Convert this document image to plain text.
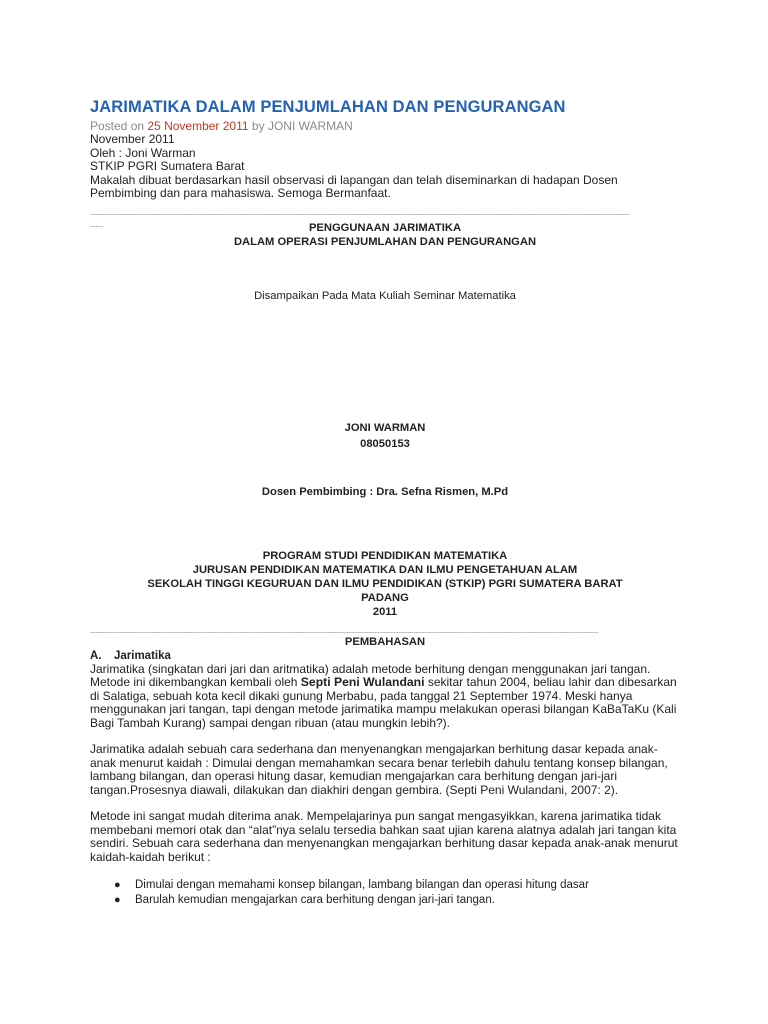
JARIMATIKA DALAM PENJUMLAHAN DAN PENGURANGAN
Posted on 25 November 2011 by JONI WARMAN
November 2011
Oleh : Joni Warman
STKIP PGRI Sumatera Barat
Makalah dibuat berdasarkan hasil observasi di lapangan dan telah diseminarkan di hadapan Dosen Pembimbing dan para mahasiswa. Semoga Bermanfaat.
______________________________________________________________________________________
__	PENGGUNAAN JARIMATIKA
DALAM OPERASI PENJUMLAHAN DAN PENGURANGAN
Disampaikan Pada Mata Kuliah Seminar Matematika
JONI WARMAN
08050153
Dosen Pembimbing : Dra. Sefna Rismen, M.Pd
PROGRAM STUDI PENDIDIKAN MATEMATIKA
JURUSAN PENDIDIKAN MATEMATIKA DAN ILMU PENGETAHUAN ALAM
SEKOLAH TINGGI KEGURUAN DAN ILMU PENDIDIKAN (STKIP) PGRI SUMATERA BARAT
PADANG
2011
_________________________________________________________________________________
PEMBAHASAN
A. Jarimatika

Jarimatika (singkatan dari jari dan aritmatika) adalah metode berhitung dengan menggunakan jari tangan. Metode ini dikembangkan kembali oleh Septi Peni Wulandani sekitar tahun 2004, beliau lahir dan dibesarkan di Salatiga, sebuah kota kecil dikaki gunung Merbabu, pada tanggal 21 September 1974. Meski hanya menggunakan jari tangan, tapi dengan metode jarimatika mampu melakukan operasi bilangan KaBaTaKu (Kali Bagi Tambah Kurang) sampai dengan ribuan (atau mungkin lebih?).

Jarimatika adalah sebuah cara sederhana dan menyenangkan mengajarkan berhitung dasar kepada anak-anak menurut kaidah : Dimulai dengan memahamkan secara benar terlebih dahulu tentang konsep bilangan, lambang bilangan, dan operasi hitung dasar, kemudian mengajarkan cara berhitung dengan jari-jari tangan.Prosesnya diawali, dilakukan dan diakhiri dengan gembira. (Septi Peni Wulandani, 2007: 2).

Metode ini sangat mudah diterima anak. Mempelajarinya pun sangat mengasyikkan, karena jarimatika tidak membebani memori otak dan “alat”nya selalu tersedia bahkan saat ujian karena alatnya adalah jari tangan kita sendiri. Sebuah cara sederhana dan menyenangkan mengajarkan berhitung dasar kepada anak-anak menurut kaidah-kaidah berikut :

● Dimulai dengan memahami konsep bilangan, lambang bilangan dan operasi hitung dasar
● Barulah kemudian mengajarkan cara berhitung dengan jari-jari tangan.
